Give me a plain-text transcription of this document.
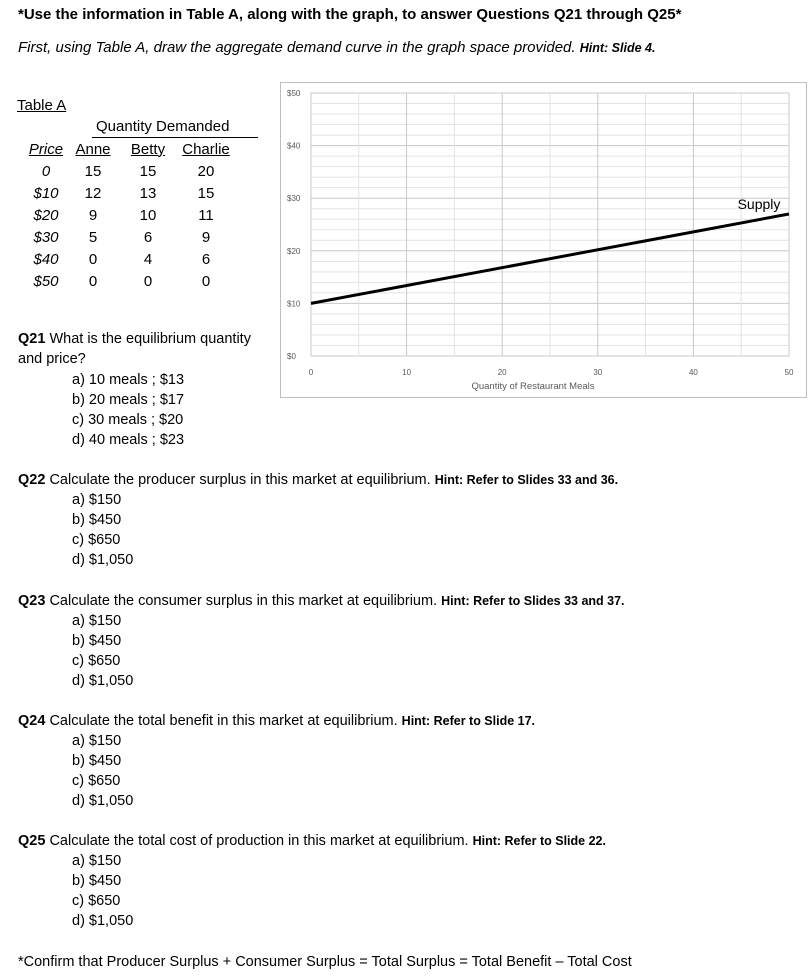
*Use the information in Table A, along with the graph, to answer Questions Q21 through Q25*
First, using Table A, draw the aggregate demand curve in the graph space provided. Hint: Slide 4.
Table A
Quantity Demanded
Price	Anne	Betty	Charlie
0	15	15	20
$10	12	13	15
$20	9	10	11
$30	5	6	9
$40	0	4	6
$50	0	0	0
$0
$10
$20
$30
$40
$50
0	10	20	30	40	50
Quantity of Restaurant Meals
Supply
Q21 What is the equilibrium quantity
and price?
a) 10 meals ; $13
b) 20 meals ; $17
c) 30 meals ; $20
d) 40 meals ; $23
Q22 Calculate the producer surplus in this market at equilibrium. Hint: Refer to Slides 33 and 36.
a) $150
b) $450
c) $650
d) $1,050
Q23 Calculate the consumer surplus in this market at equilibrium. Hint: Refer to Slides 33 and 37.
a) $150
b) $450
c) $650
d) $1,050
Q24 Calculate the total benefit in this market at equilibrium. Hint: Refer to Slide 17.
a) $150
b) $450
c) $650
d) $1,050
Q25 Calculate the total cost of production in this market at equilibrium. Hint: Refer to Slide 22.
a) $150
b) $450
c) $650
d) $1,050
*Confirm that Producer Surplus + Consumer Surplus = Total Surplus = Total Benefit – Total Cost
